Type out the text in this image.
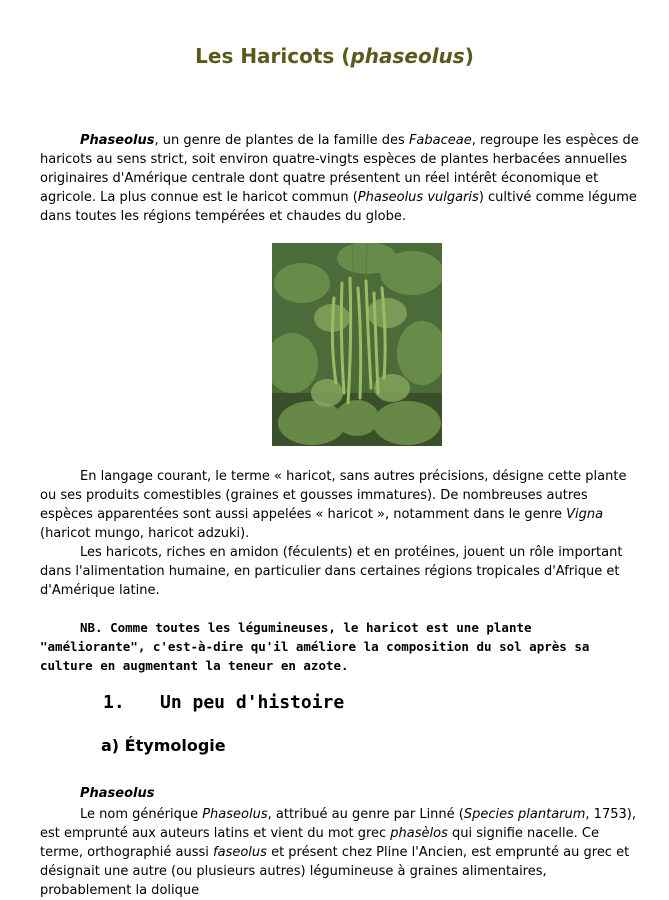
Les Haricots (phaseolus)

Phaseolus, un genre de plantes de la famille des Fabaceae, regroupe les espèces de haricots au sens strict, soit environ quatre-vingts espèces de plantes herbacées annuelles originaires d'Amérique centrale dont quatre présentent un réel intérêt économique et agricole. La plus connue est le haricot commun (Phaseolus vulgaris) cultivé comme légume dans toutes les régions tempérées et chaudes du globe.

En langage courant, le terme « haricot, sans autres précisions, désigne cette plante ou ses produits comestibles (graines et gousses immatures). De nombreuses autres espèces apparentées sont aussi appelées « haricot », notamment dans le genre Vigna (haricot mungo, haricot adzuki).

Les haricots, riches en amidon (féculents) et en protéines, jouent un rôle important dans l'alimentation humaine, en particulier dans certaines régions tropicales d'Afrique et d'Amérique latine.

NB. Comme toutes les légumineuses, le haricot est une plante "améliorante", c'est-à-dire qu'il améliore la composition du sol après sa culture en augmentant la teneur en azote.

1. Un peu d'histoire
a) Étymologie

Phaseolus

Le nom générique Phaseolus, attribué au genre par Linné (Species plantarum, 1753), est emprunté aux auteurs latins et vient du mot grec phasèlos qui signifie nacelle. Ce terme, orthographié aussi faseolus et présent chez Pline l'Ancien, est emprunté au grec et désignait une autre (ou plusieurs autres) légumineuse à graines alimentaires, probablement la dolique
